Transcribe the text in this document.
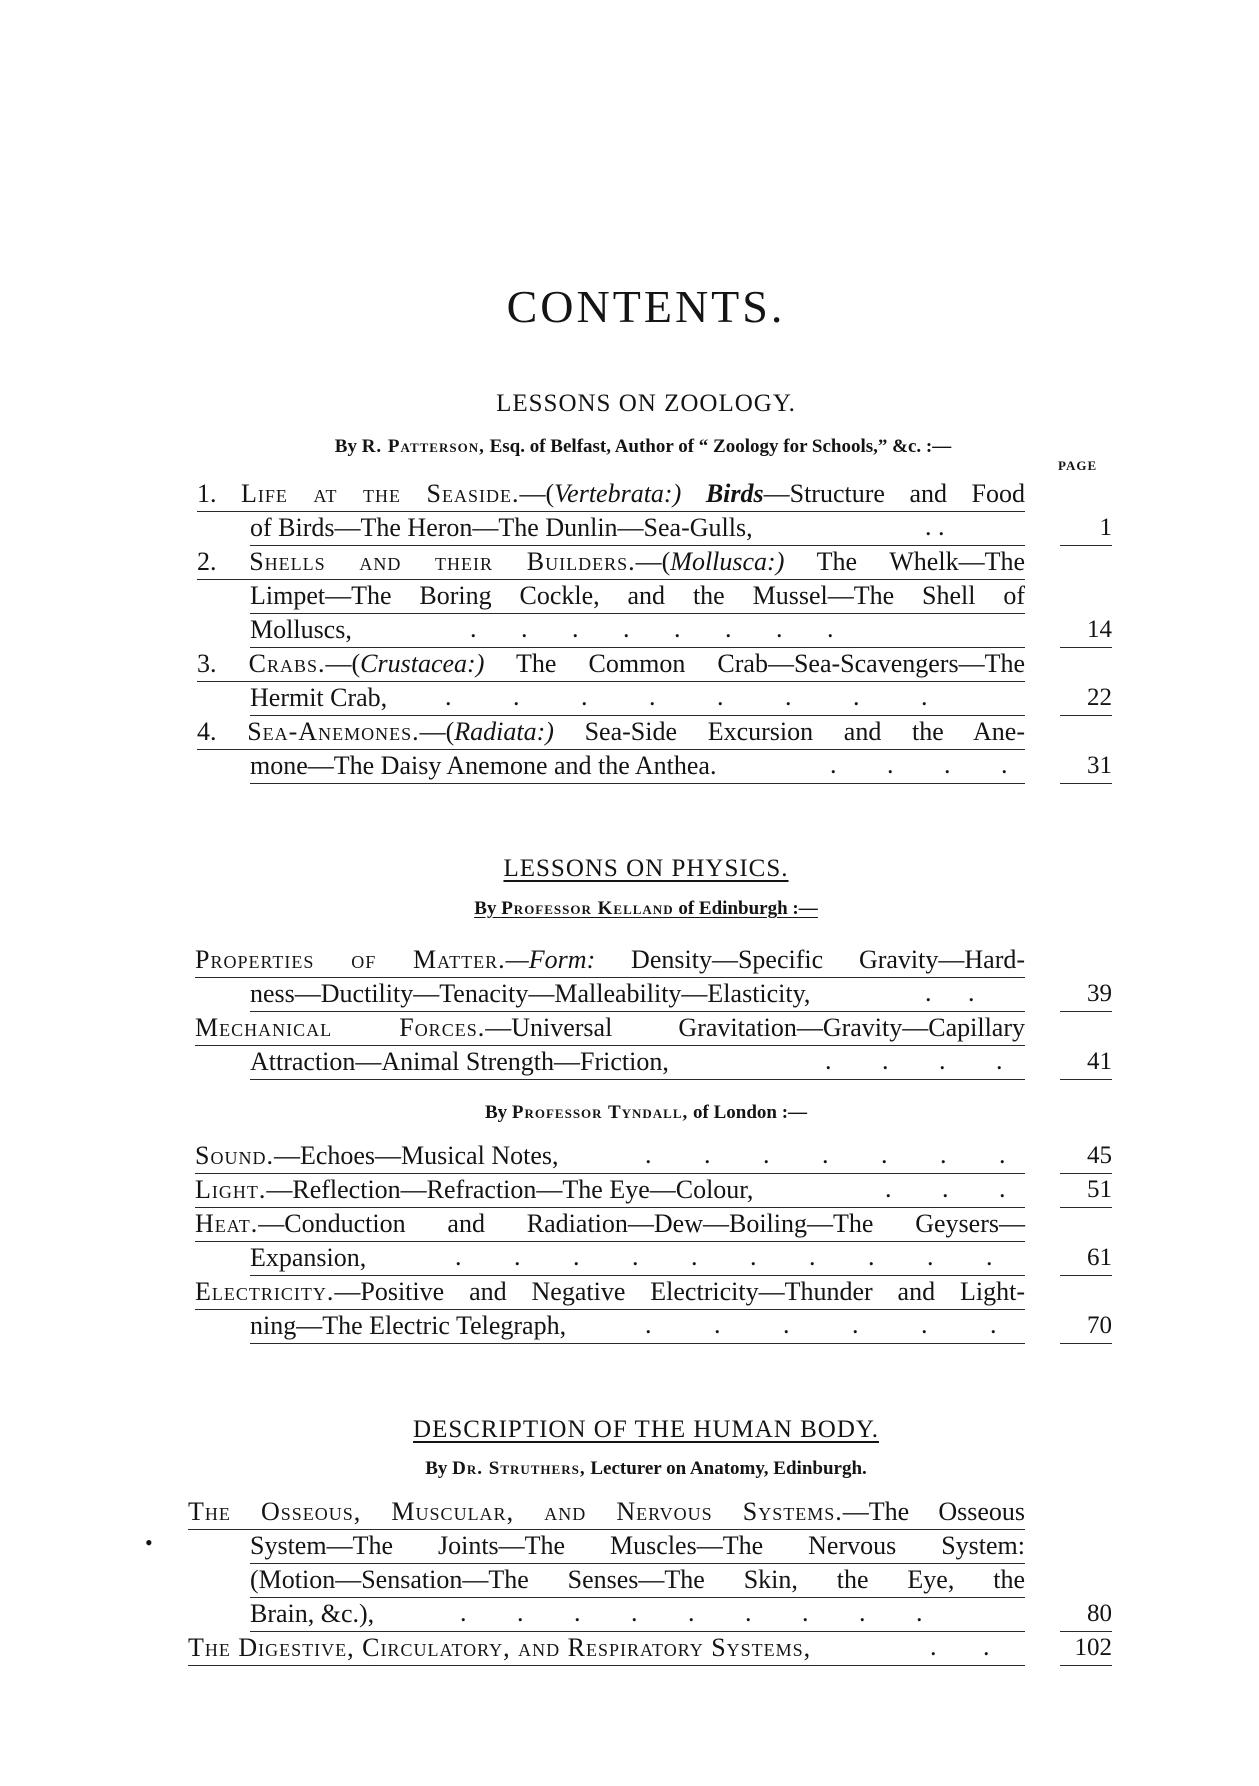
CONTENTS.
LESSONS ON ZOOLOGY.
By R. Patterson, Esq. of Belfast, Author of “ Zoology for Schools,” &c. :—
PAGE
1. Life at the Seaside.—(Vertebrata:) Birds—Structure and Food
of Birds—The Heron—The Dunlin—Sea-Gulls,	. .	1
2. Shells and their Builders.—(Mollusca:) The Whelk—The
Limpet—The Boring Cockle, and the Mussel—The Shell of
Molluscs,	. . . . . . . .	14
3. Crabs.—(Crustacea:) The Common Crab—Sea-Scavengers—The
Hermit Crab,	. . . . . . . .	22
4. Sea-Anemones.—(Radiata:) Sea-Side Excursion and the Ane-
mone—The Daisy Anemone and the Anthea.	. . . .	31
LESSONS ON PHYSICS.
By Professor Kelland of Edinburgh :—
Properties of Matter.—Form: Density—Specific Gravity—Hard-
ness—Ductility—Tenacity—Malleability—Elasticity,	. .	39
Mechanical Forces.—Universal Gravitation—Gravity—Capillary
Attraction—Animal Strength—Friction,	. . . .	41
By Professor Tyndall, of London :—
Sound.—Echoes—Musical Notes,	. . . . . . .	45
Light.—Reflection—Refraction—The Eye—Colour,	. . .	51
Heat.—Conduction and Radiation—Dew—Boiling—The Geysers—
Expansion,	. . . . . . . . . .	61
Electricity.—Positive and Negative Electricity—Thunder and Light-
ning—The Electric Telegraph,	. . . . . .	70
DESCRIPTION OF THE HUMAN BODY.
By Dr. Struthers, Lecturer on Anatomy, Edinburgh.
The Osseous, Muscular, and Nervous Systems.—The Osseous
System—The Joints—The Muscles—The Nervous System:
(Motion—Sensation—The Senses—The Skin, the Eye, the
Brain, &c.),	. . . . . . . . .	80
The Digestive, Circulatory, and Respiratory Systems,	. .	102
•
